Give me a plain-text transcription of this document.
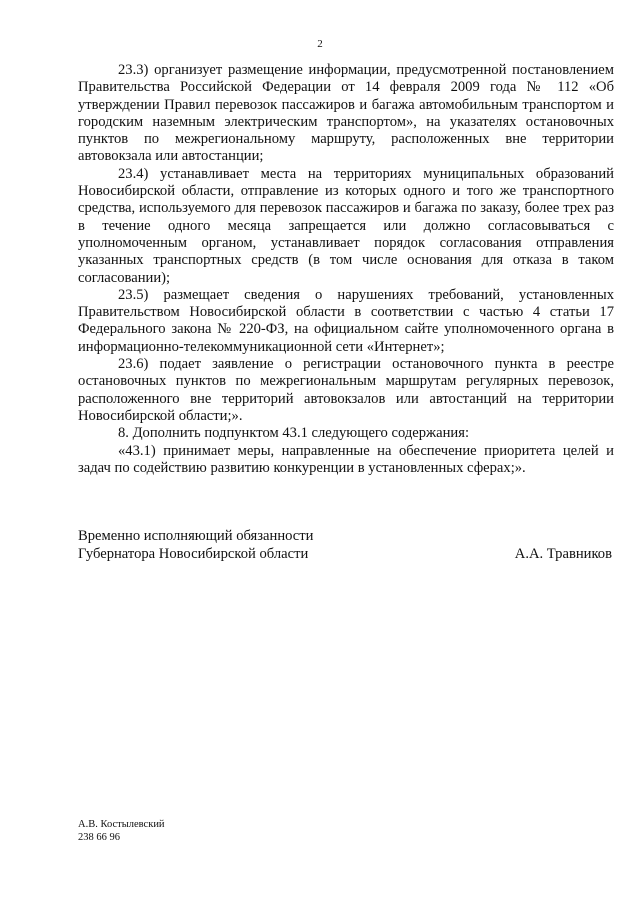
2

23.3) организует размещение информации, предусмотренной постановлением Правительства Российской Федерации от 14 февраля 2009 года № 112 «Об утверждении Правил перевозок пассажиров и багажа автомобильным транспортом и городским наземным электрическим транспортом», на указателях остановочных пунктов по межрегиональному маршруту, расположенных вне территории автовокзала или автостанции;

23.4) устанавливает места на территориях муниципальных образований Новосибирской области, отправление из которых одного и того же транспортного средства, используемого для перевозок пассажиров и багажа по заказу, более трех раз в течение одного месяца запрещается или должно согласовываться с уполномоченным органом, устанавливает порядок согласования отправления указанных транспортных средств (в том числе основания для отказа в таком согласовании);

23.5) размещает сведения о нарушениях требований, установленных Правительством Новосибирской области в соответствии с частью 4 статьи 17 Федерального закона № 220-ФЗ, на официальном сайте уполномоченного органа в информационно-телекоммуникационной сети «Интернет»;

23.6) подает заявление о регистрации остановочного пункта в реестре остановочных пунктов по межрегиональным маршрутам регулярных перевозок, расположенного вне территорий автовокзалов или автостанций на территории Новосибирской области;».

8. Дополнить подпунктом 43.1 следующего содержания:

«43.1) принимает меры, направленные на обеспечение приоритета целей и задач по содействию развитию конкуренции в установленных сферах;».

Временно исполняющий обязанности
Губернатора Новосибирской области	А.А. Травников
А.В. Костылевский
238 66 96
